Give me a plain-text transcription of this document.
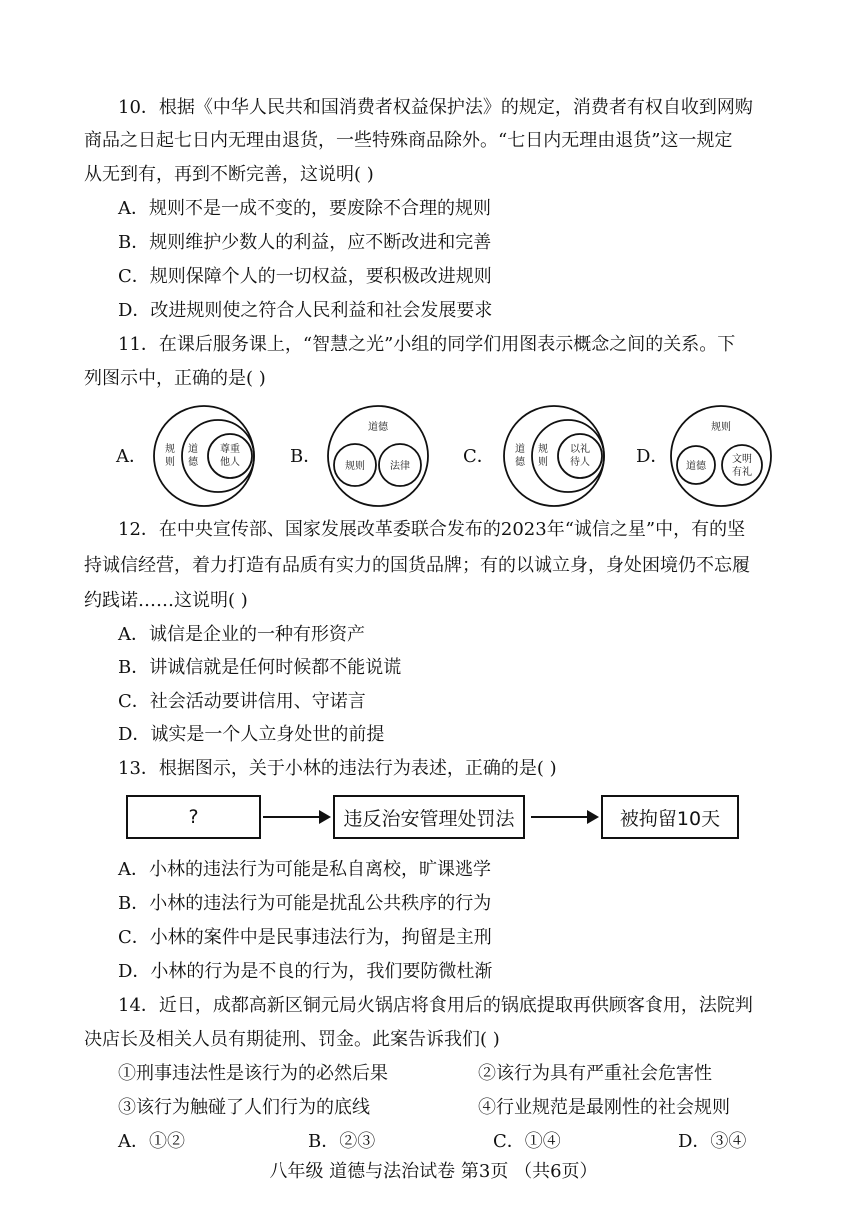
10．根据《中华人民共和国消费者权益保护法》的规定，消费者有权自收到网购
商品之日起七日内无理由退货，一些特殊商品除外。“七日内无理由退货”这一规定
从无到有，再到不断完善，这说明( )
A．规则不是一成不变的，要废除不合理的规则
B．规则维护少数人的利益，应不断改进和完善
C．规则保障个人的一切权益，要积极改进规则
D．改进规则使之符合人民利益和社会发展要求
11．在课后服务课上，“智慧之光”小组的同学们用图表示概念之间的关系。下
列图示中，正确的是( )
A． 规
则
道
德
尊重
他人	B．
道德
规则	法律	C． 道
德
规
则
以礼
待人	D．
规则
道德
文明
有礼
12．在中央宣传部、国家发展改革委联合发布的2023年“诚信之星”中，有的坚
持诚信经营，着力打造有品质有实力的国货品牌；有的以诚立身，身处困境仍不忘履
约践诺……这说明( )
A．诚信是企业的一种有形资产
B．讲诚信就是任何时候都不能说谎
C．社会活动要讲信用、守诺言
D．诚实是一个人立身处世的前提
13．根据图示，关于小林的违法行为表述，正确的是( )
?	违反治安管理处罚法	被拘留10天
A．小林的违法行为可能是私自离校，旷课逃学
B．小林的违法行为可能是扰乱公共秩序的行为
C．小林的案件中是民事违法行为，拘留是主刑
D．小林的行为是不良的行为，我们要防微杜渐
14．近日，成都高新区铜元局火锅店将食用后的锅底提取再供顾客食用，法院判
决店长及相关人员有期徒刑、罚金。此案告诉我们( )
①刑事违法性是该行为的必然后果	②该行为具有严重社会危害性
③该行为触碰了人们行为的底线	④行业规范是最刚性的社会规则
A．①②	B．②③	C．①④	D．③④
八年级 道德与法治试卷 第3页 （共6页）
